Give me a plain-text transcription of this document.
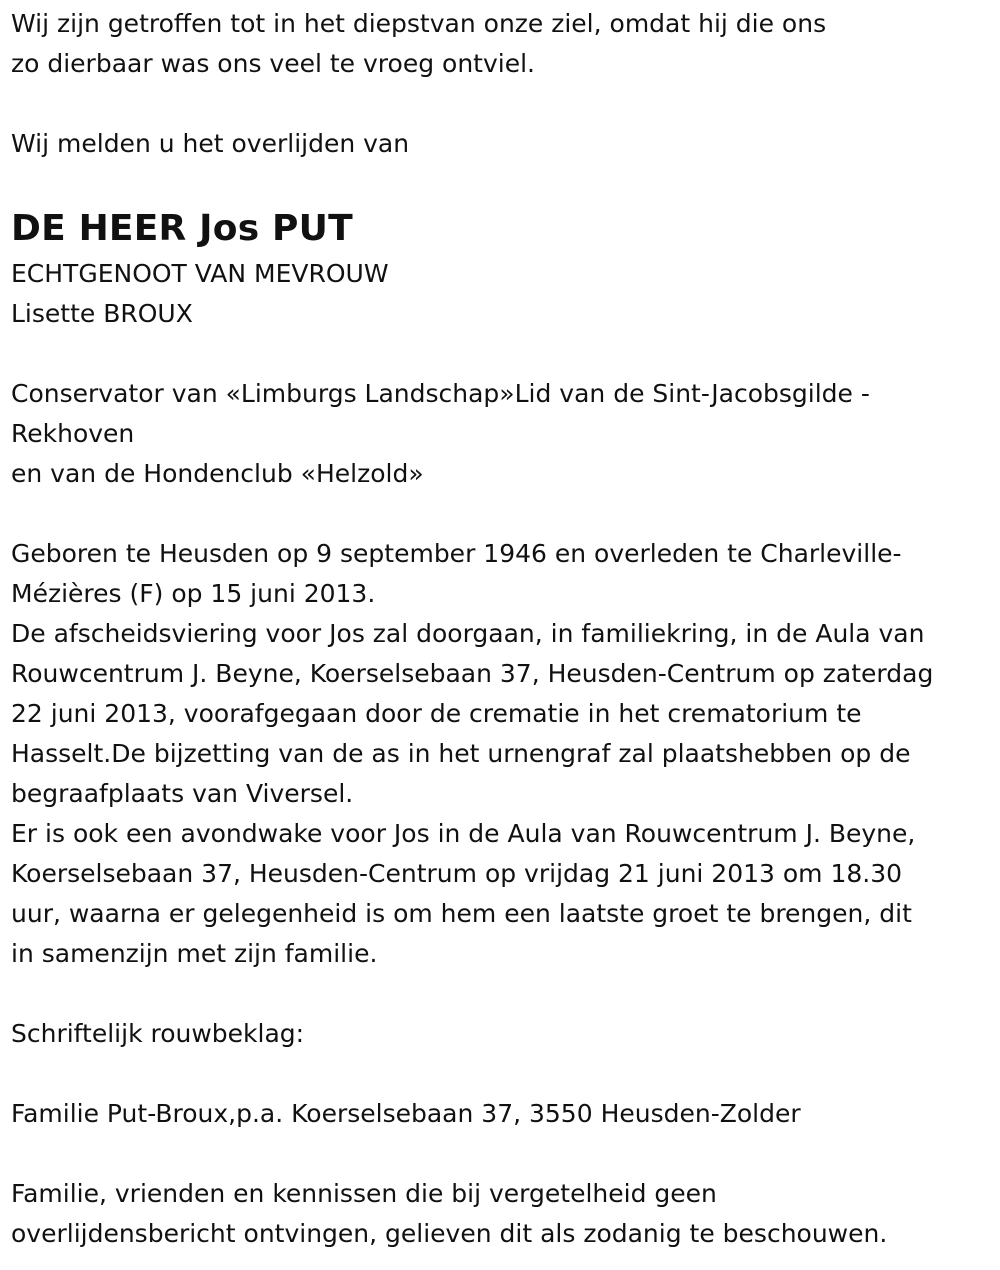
Wij zijn getroffen tot in het diepstvan onze ziel, omdat hij die ons
zo dierbaar was ons veel te vroeg ontviel.
Wij melden u het overlijden van
DE HEER Jos PUT
ECHTGENOOT VAN MEVROUW
Lisette BROUX
Conservator van «Limburgs Landschap»Lid van de Sint-Jacobsgilde -
Rekhoven
en van de Hondenclub «Helzold»
Geboren te Heusden op 9 september 1946 en overleden te Charleville-
Mézières (F) op 15 juni 2013.
De afscheidsviering voor Jos zal doorgaan, in familiekring, in de Aula van
Rouwcentrum J. Beyne, Koerselsebaan 37, Heusden-Centrum op zaterdag
22 juni 2013, voorafgegaan door de crematie in het crematorium te
Hasselt.De bijzetting van de as in het urnengraf zal plaatshebben op de
begraafplaats van Viversel.
Er is ook een avondwake voor Jos in de Aula van Rouwcentrum J. Beyne,
Koerselsebaan 37, Heusden-Centrum op vrijdag 21 juni 2013 om 18.30
uur, waarna er gelegenheid is om hem een laatste groet te brengen, dit
in samenzijn met zijn familie.
Schriftelijk rouwbeklag:
Familie Put-Broux,p.a. Koerselsebaan 37, 3550 Heusden-Zolder
Familie, vrienden en kennissen die bij vergetelheid geen
overlijdensbericht ontvingen, gelieven dit als zodanig te beschouwen.
